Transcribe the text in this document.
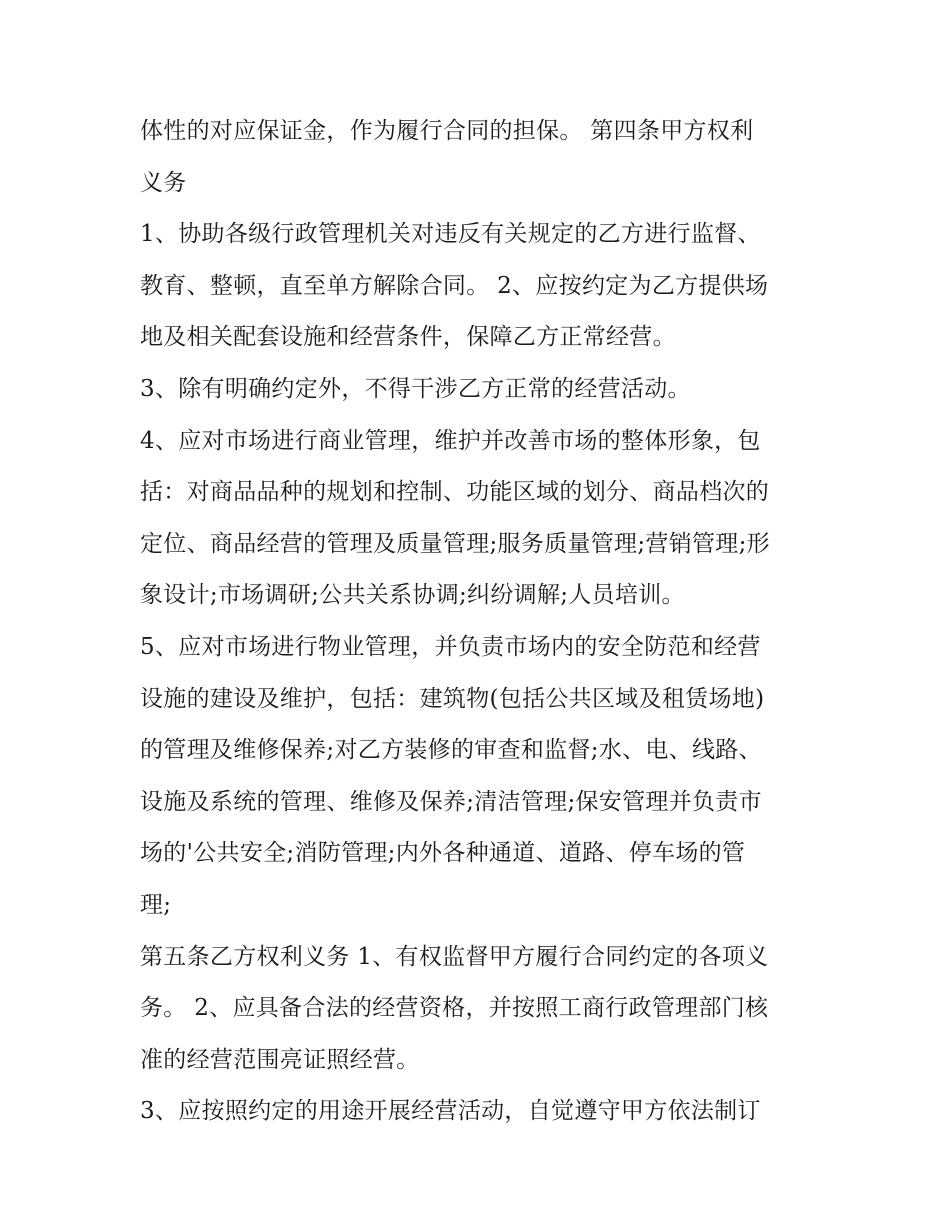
体性的对应保证金，作为履行合同的担保。 第四条甲方权利
义务
1、协助各级行政管理机关对违反有关规定的乙方进行监督、
教育、整顿，直至单方解除合同。 2、应按约定为乙方提供场
地及相关配套设施和经营条件，保障乙方正常经营。
3、除有明确约定外，不得干涉乙方正常的经营活动。
4、应对市场进行商业管理，维护并改善市场的整体形象，包
括：对商品品种的规划和控制、功能区域的划分、商品档次的
定位、商品经营的管理及质量管理;服务质量管理;营销管理;形
象设计;市场调研;公共关系协调;纠纷调解;人员培训。
5、应对市场进行物业管理，并负责市场内的安全防范和经营
设施的建设及维护，包括：建筑物(包括公共区域及租赁场地)
的管理及维修保养;对乙方装修的审查和监督;水、电、线路、
设施及系统的管理、维修及保养;清洁管理;保安管理并负责市
场的'公共安全;消防管理;内外各种通道、道路、停车场的管
理;
第五条乙方权利义务 1、有权监督甲方履行合同约定的各项义
务。 2、应具备合法的经营资格，并按照工商行政管理部门核
准的经营范围亮证照经营。
3、应按照约定的用途开展经营活动，自觉遵守甲方依法制订
